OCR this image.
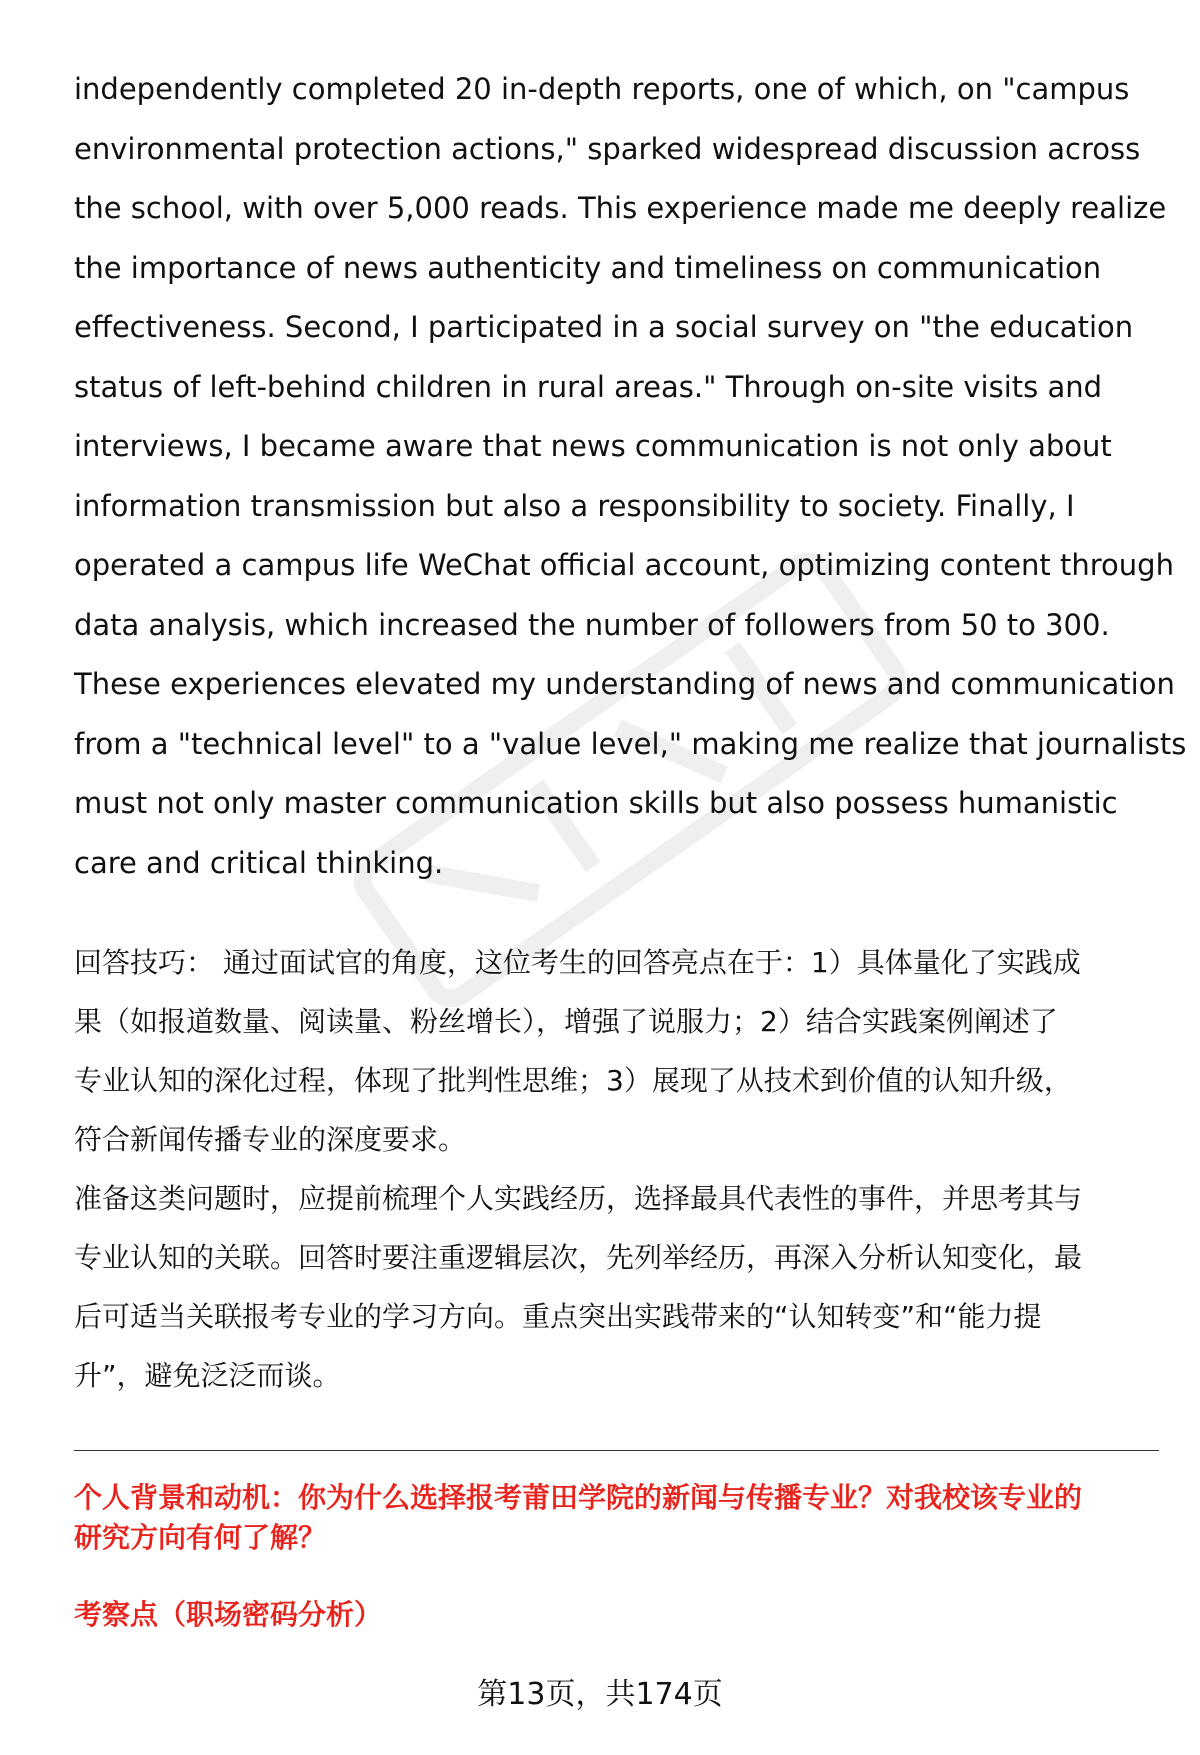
independently completed 20 in-depth reports, one of which, on "campus
environmental protection actions," sparked widespread discussion across
the school, with over 5,000 reads. This experience made me deeply realize
the importance of news authenticity and timeliness on communication
effectiveness. Second, I participated in a social survey on "the education
status of left-behind children in rural areas." Through on-site visits and
interviews, I became aware that news communication is not only about
information transmission but also a responsibility to society. Finally, I
operated a campus life WeChat official account, optimizing content through
data analysis, which increased the number of followers from 50 to 300.
These experiences elevated my understanding of news and communication
from a "technical level" to a "value level," making me realize that journalists
must not only master communication skills but also possess humanistic
care and critical thinking.

回答技巧： 通过面试官的角度，这位考生的回答亮点在于：1）具体量化了实践成
果（如报道数量、阅读量、粉丝增长），增强了说服力；2）结合实践案例阐述了
专业认知的深化过程，体现了批判性思维；3）展现了从技术到价值的认知升级，
符合新闻传播专业的深度要求。
准备这类问题时，应提前梳理个人实践经历，选择最具代表性的事件，并思考其与
专业认知的关联。回答时要注重逻辑层次，先列举经历，再深入分析认知变化，最
后可适当关联报考专业的学习方向。重点突出实践带来的“认知转变”和“能力提
升”，避免泛泛而谈。
个人背景和动机：你为什么选择报考莆田学院的新闻与传播专业？对我校该专业的
研究方向有何了解？
考察点（职场密码分析）
第13页，共174页
